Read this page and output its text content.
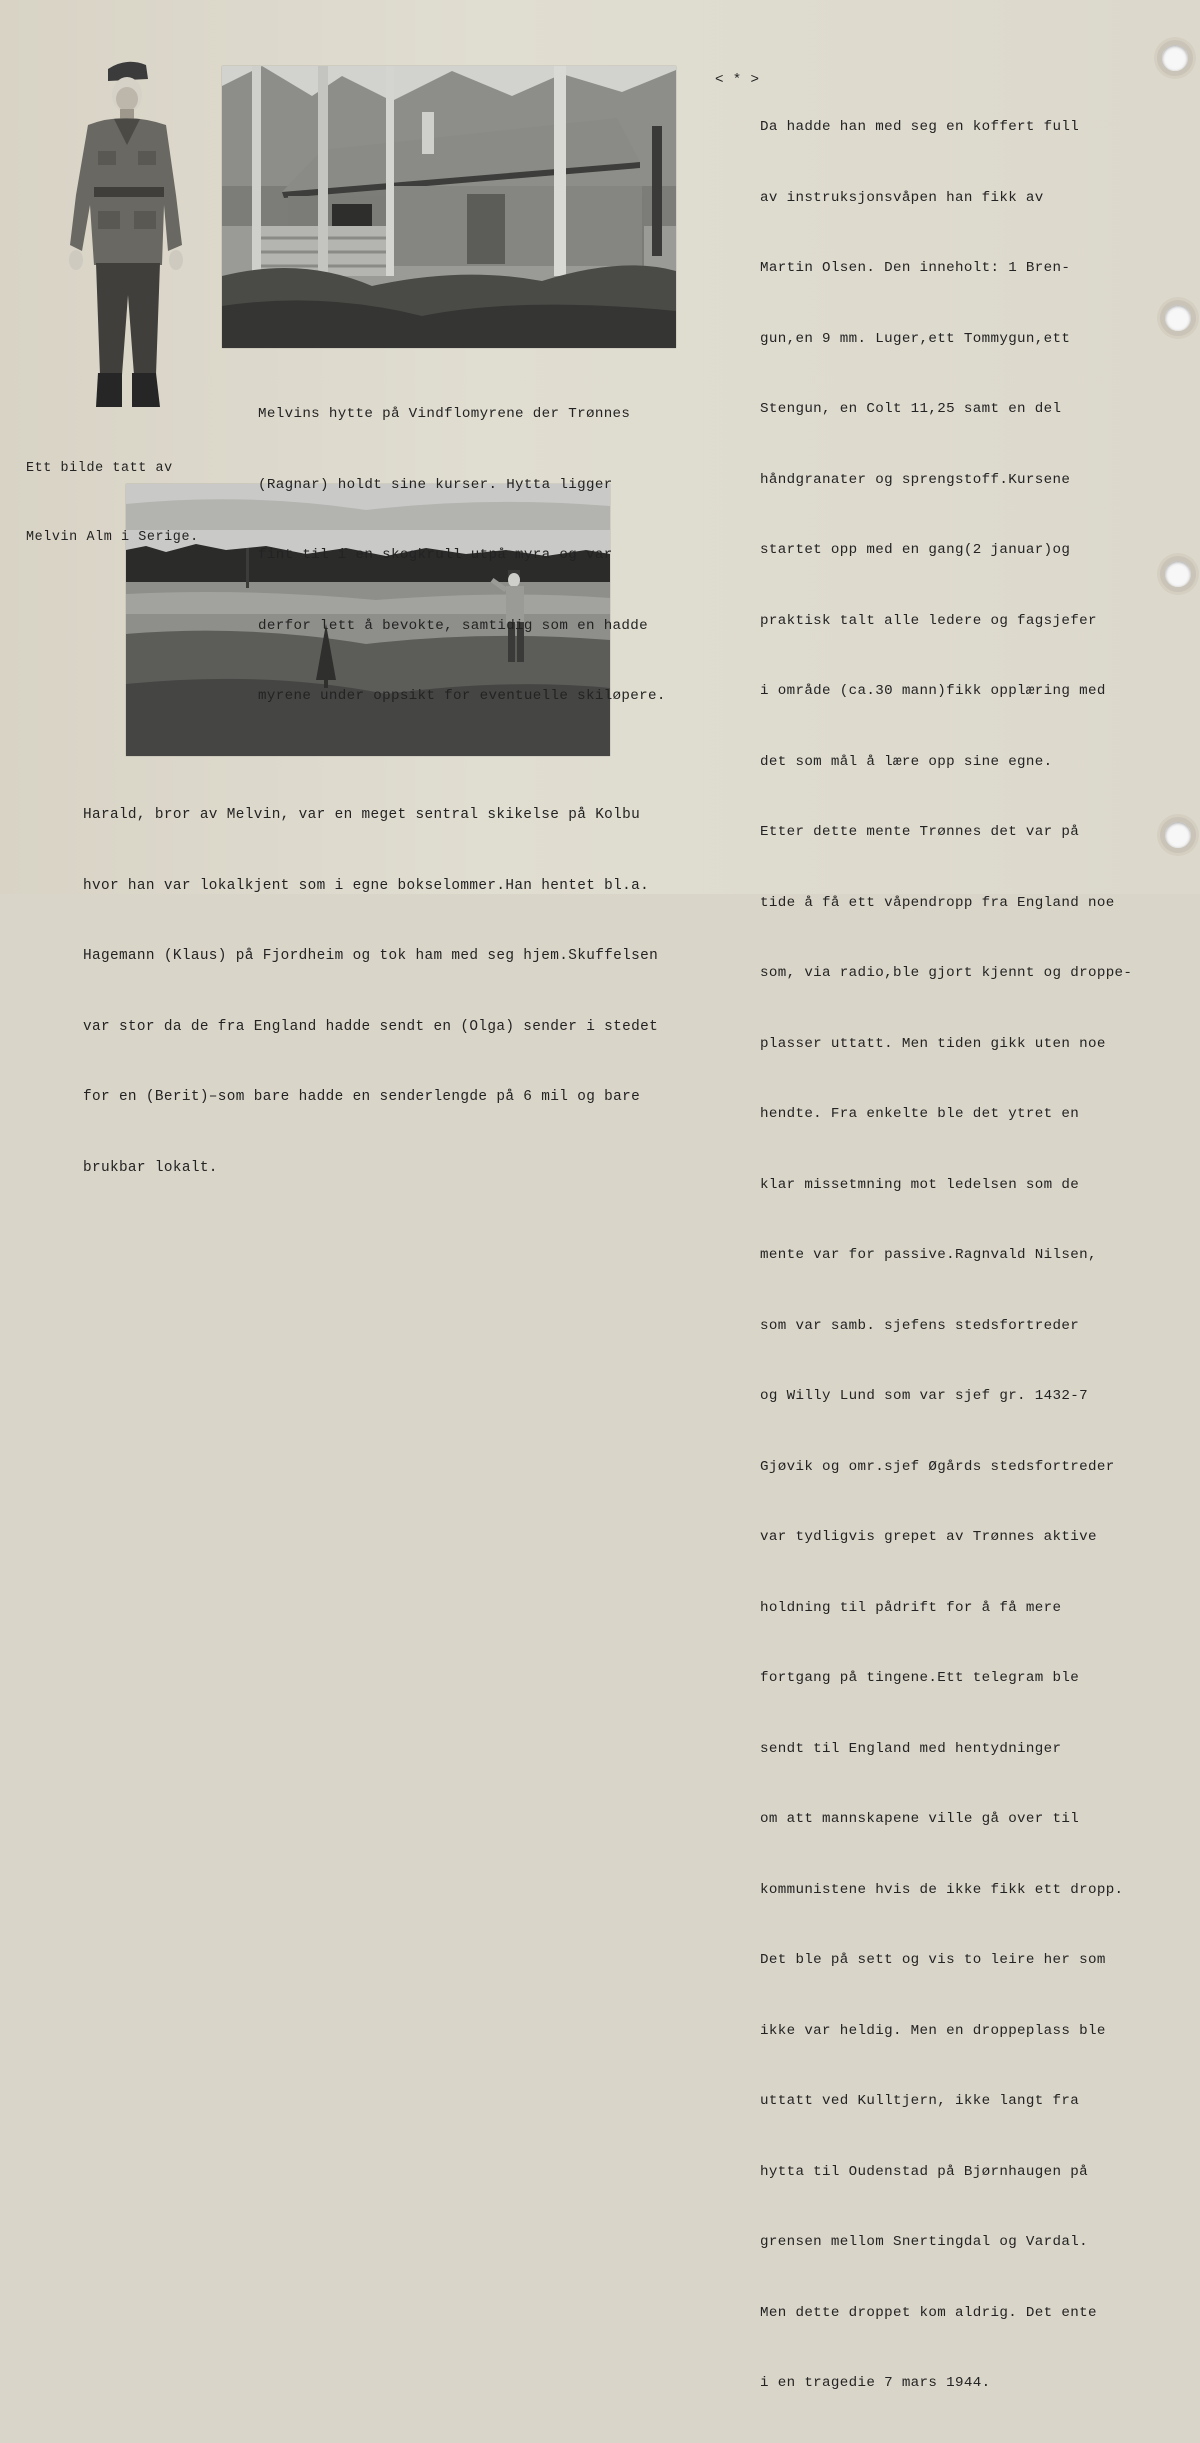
Ett bilde tatt av

Melvin Alm i Serige.

Melvins hytte på Vindflomyrene der Trønnes

(Ragnar) holdt sine kurser. Hytta ligger

fint til i en skogkrull utpå myra og var

derfor lett å bevokte, samtidig som en hadde

myrene under oppsikt for eventuelle skiløpere.

Harald, bror av Melvin, var en meget sentral skikelse på Kolbu

hvor han var lokalkjent som i egne bokselommer.Han hentet bl.a.

Hagemann (Klaus) på Fjordheim og tok ham med seg hjem.Skuffelsen

var stor da de fra England hadde sendt en (Olga) sender i stedet

for en (Berit)–som bare hadde en senderlengde på 6 mil og bare

brukbar lokalt.

< * >

Da hadde han med seg en koffert full

av instruksjonsvåpen han fikk av

Martin Olsen. Den inneholt: 1 Bren-

gun,en 9 mm. Luger,ett Tommygun,ett

Stengun, en Colt 11,25 samt en del

håndgranater og sprengstoff.Kursene

startet opp med en gang(2 januar)og

praktisk talt alle ledere og fagsjefer

i område (ca.30 mann)fikk opplæring med

det som mål å lære opp sine egne.

Etter dette mente Trønnes det var på

tide å få ett våpendropp fra England noe

som, via radio,ble gjort kjennt og droppe-

plasser uttatt. Men tiden gikk uten noe

hendte. Fra enkelte ble det ytret en

klar missetmning mot ledelsen som de

mente var for passive.Ragnvald Nilsen,

som var samb. sjefens stedsfortreder

og Willy Lund som var sjef gr. 1432-7

Gjøvik og omr.sjef Øgårds stedsfortreder

var tydligvis grepet av Trønnes aktive

holdning til pådrift for å få mere

fortgang på tingene.Ett telegram ble

sendt til England med hentydninger

om att mannskapene ville gå over til

kommunistene hvis de ikke fikk ett dropp.

Det ble på sett og vis to leire her som

ikke var heldig. Men en droppeplass ble

uttatt ved Kulltjern, ikke langt fra

hytta til Oudenstad på Bjørnhaugen på

grensen mellom Snertingdal og Vardal.

Men dette droppet kom aldrig. Det ente

i en tragedie 7 mars 1944.
